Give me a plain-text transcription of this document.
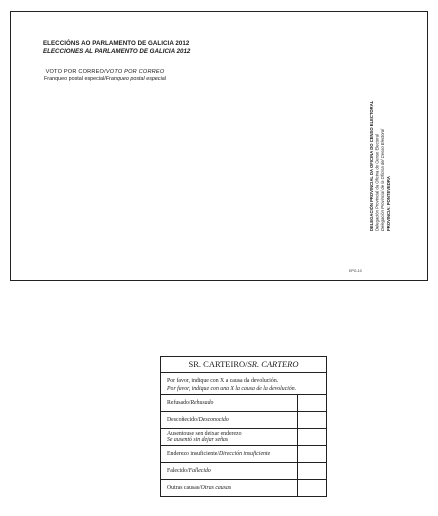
ELECCIÓNS AO PARLAMENTO DE GALICIA 2012
ELECCIONES AL PARLAMENTO DE GALICIA 2012
VOTO POR CORREO/VOTO POR CORREO
Franqueo postal especial/Franqueo postal especial
DELEGACIÓN PROVINCIAL DA OFICINA DO CENSO ELECTORAL Delegación Provincial da Oficina do Censo Electoral Delegación Provincial de la Oficina del Censo Electoral PROVINCIA: PONTEVEDRA
EPG-10
SR. CARTEIRO/SR. CARTERO
Por favor, indique con X a causa da devolución.
Por favor, indique con una X la causa de la devolución.
Refusado/Rehusado
Descoñecido/Desconocido
Ausentouse sen deixar enderezo
Se ausentó sin dejar señas
Enderezo insuficiente/Dirección insuficiente
Falecido/Fallecido
Outras causas/Otras causas
